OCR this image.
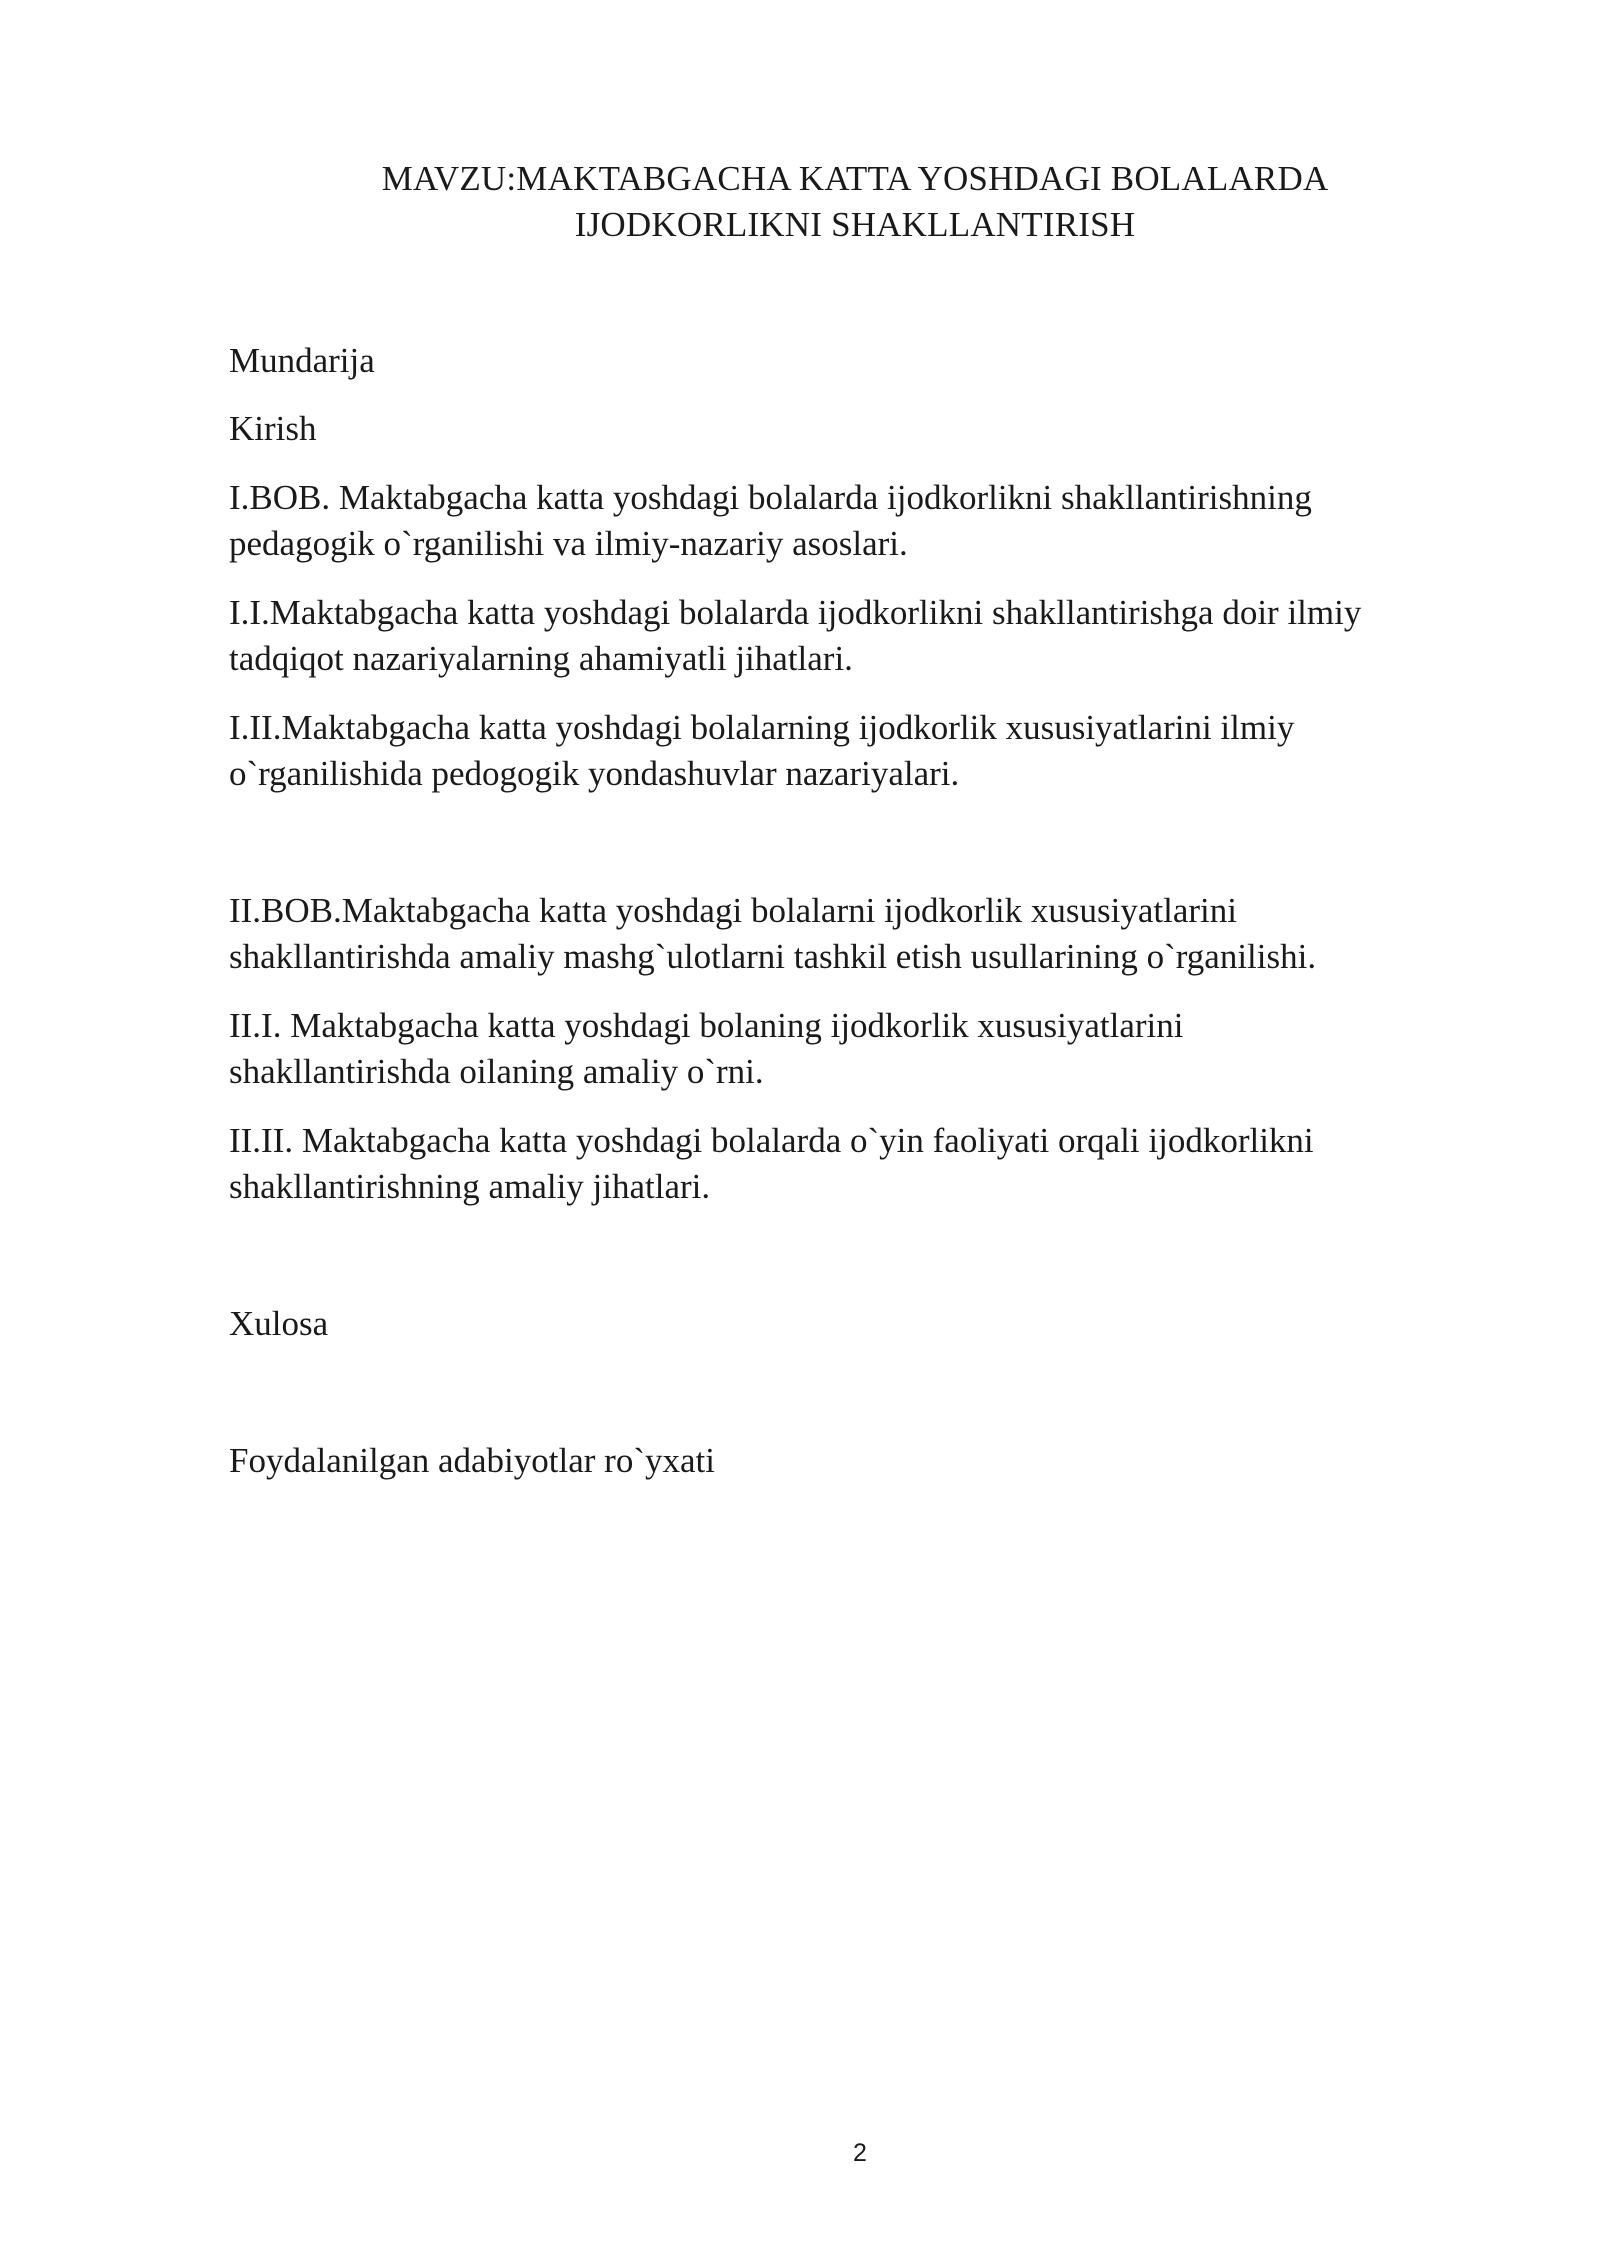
MAVZU:MAKTABGACHA KATTA YOSHDAGI BOLALARDA
IJODKORLIKNI SHAKLLANTIRISH

Mundarija

Kirish

I.BOB. Maktabgacha katta yoshdagi bolalarda ijodkorlikni shakllantirishning

pedagogik o`rganilishi va ilmiy-nazariy asoslari.

I.I.Maktabgacha katta yoshdagi bolalarda ijodkorlikni shakllantirishga doir ilmiy

tadqiqot nazariyalarning ahamiyatli jihatlari.

I.II.Maktabgacha katta yoshdagi bolalarning ijodkorlik xususiyatlarini ilmiy

o`rganilishida pedogogik yondashuvlar nazariyalari.

II.BOB.Maktabgacha katta yoshdagi bolalarni ijodkorlik xususiyatlarini

shakllantirishda amaliy mashg`ulotlarni tashkil etish usullarining o`rganilishi.

II.I. Maktabgacha katta yoshdagi bolaning ijodkorlik xususiyatlarini

shakllantirishda oilaning amaliy o`rni.

II.II. Maktabgacha katta yoshdagi bolalarda o`yin faoliyati orqali ijodkorlikni

shakllantirishning amaliy jihatlari.

Xulosa

Foydalanilgan adabiyotlar ro`yxati

2
